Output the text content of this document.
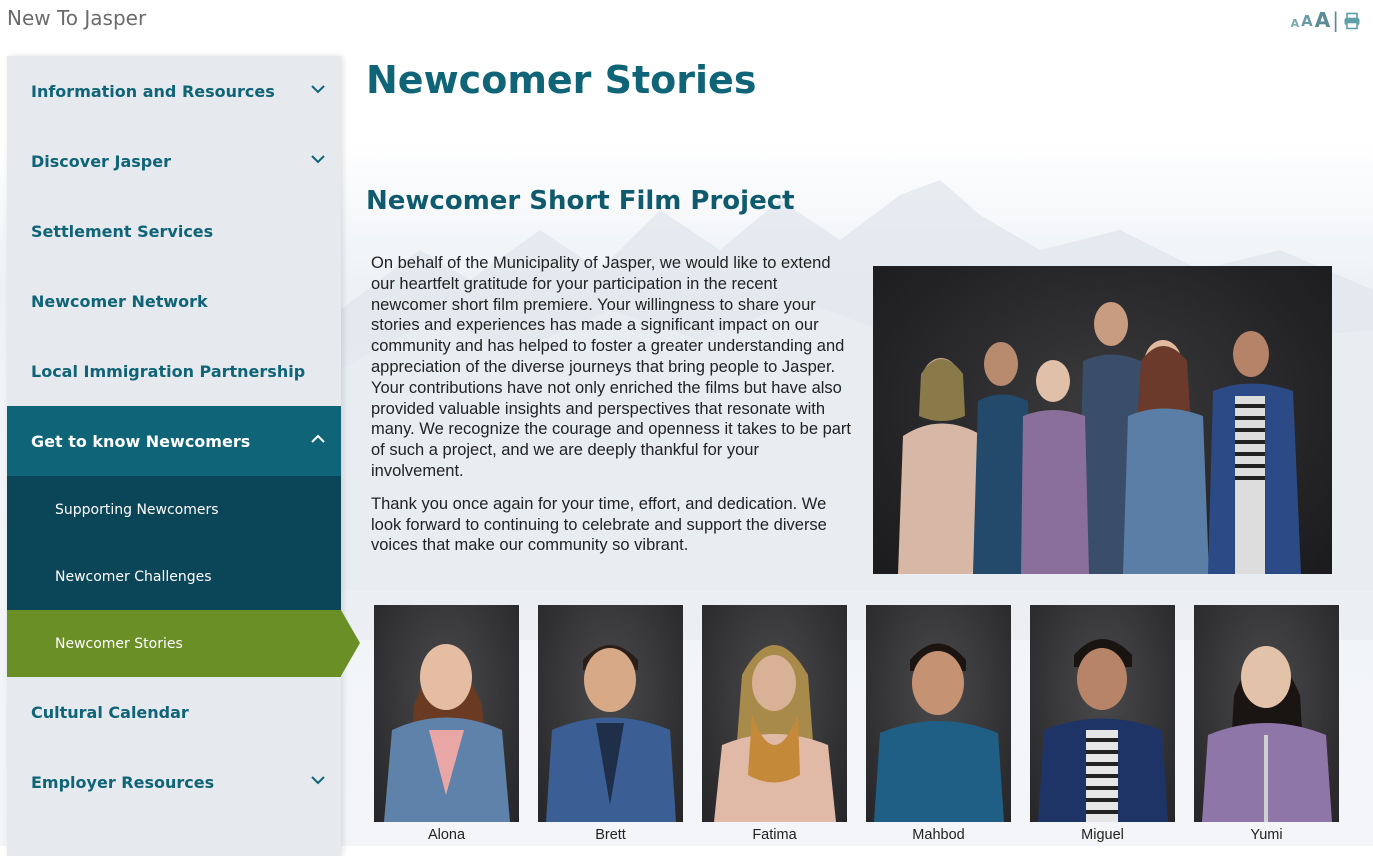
New To Jasper	A A A |
Information and Resources
Discover Jasper
Settlement Services
Newcomer Network
Local Immigration Partnership
Get to know Newcomers
Supporting Newcomers
Newcomer Challenges
Newcomer Stories
Cultural Calendar
Employer Resources
Newcomer Stories
Newcomer Short Film Project

On behalf of the Municipality of Jasper, we would like to extend our heartfelt gratitude for your participation in the recent newcomer short film premiere. Your willingness to share your stories and experiences has made a significant impact on our community and has helped to foster a greater understanding and appreciation of the diverse journeys that bring people to Jasper.

Your contributions have not only enriched the films but have also provided valuable insights and perspectives that resonate with many. We recognize the courage and openness it takes to be part of such a project, and we are deeply thankful for your involvement.

Thank you once again for your time, effort, and dedication. We look forward to continuing to celebrate and support the diverse voices that make our community so vibrant.

Alona	Brett	Fatima	Mahbod	Miguel	Yumi
